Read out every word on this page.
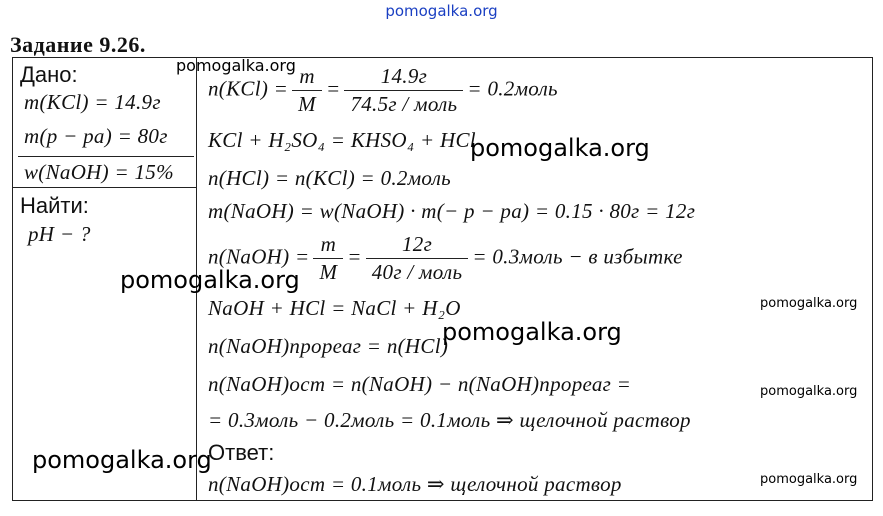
pomogalka.org
Задание 9.26.
Дано:
m(KCl) = 14.9г
m(p − pa) = 80г
w(NaOH) = 15%
Найти:
pH − ?
$n(KCl) = \frac{m}{M} = \frac{14.9г}{\text{74.5г / моль}}$ = 0.2моль
KCl + H₂SO₄ = KHSO₄ + HCl
n(HCl) = n(KCl) = 0.2моль
m(NaOH) = w(NaOH) · m(− p − pa) = 0.15 · 80г = 12г
n(NaOH) = $\frac{m}{M} = \frac{12г}{\text{40г / моль}}$ = 0.3моль − в избытке
NaOH + HCl = NaCl + H₂O
n(NaOH)прореаг = n(HCl)
n(NaOH)ост = n(NaOH) − n(NaOH)прореаг =
= 0.3моль − 0.2моль = 0.1моль ⇒ щелочной раствор
Ответ:
n(NaOH)ост = 0.1моль ⇒ щелочной раствор
pomogalka.org
pomogalka.org
pomogalka.org
pomogalka.org
pomogalka.org
pomogalka.org
pomogalka.org
pomogalka.org
